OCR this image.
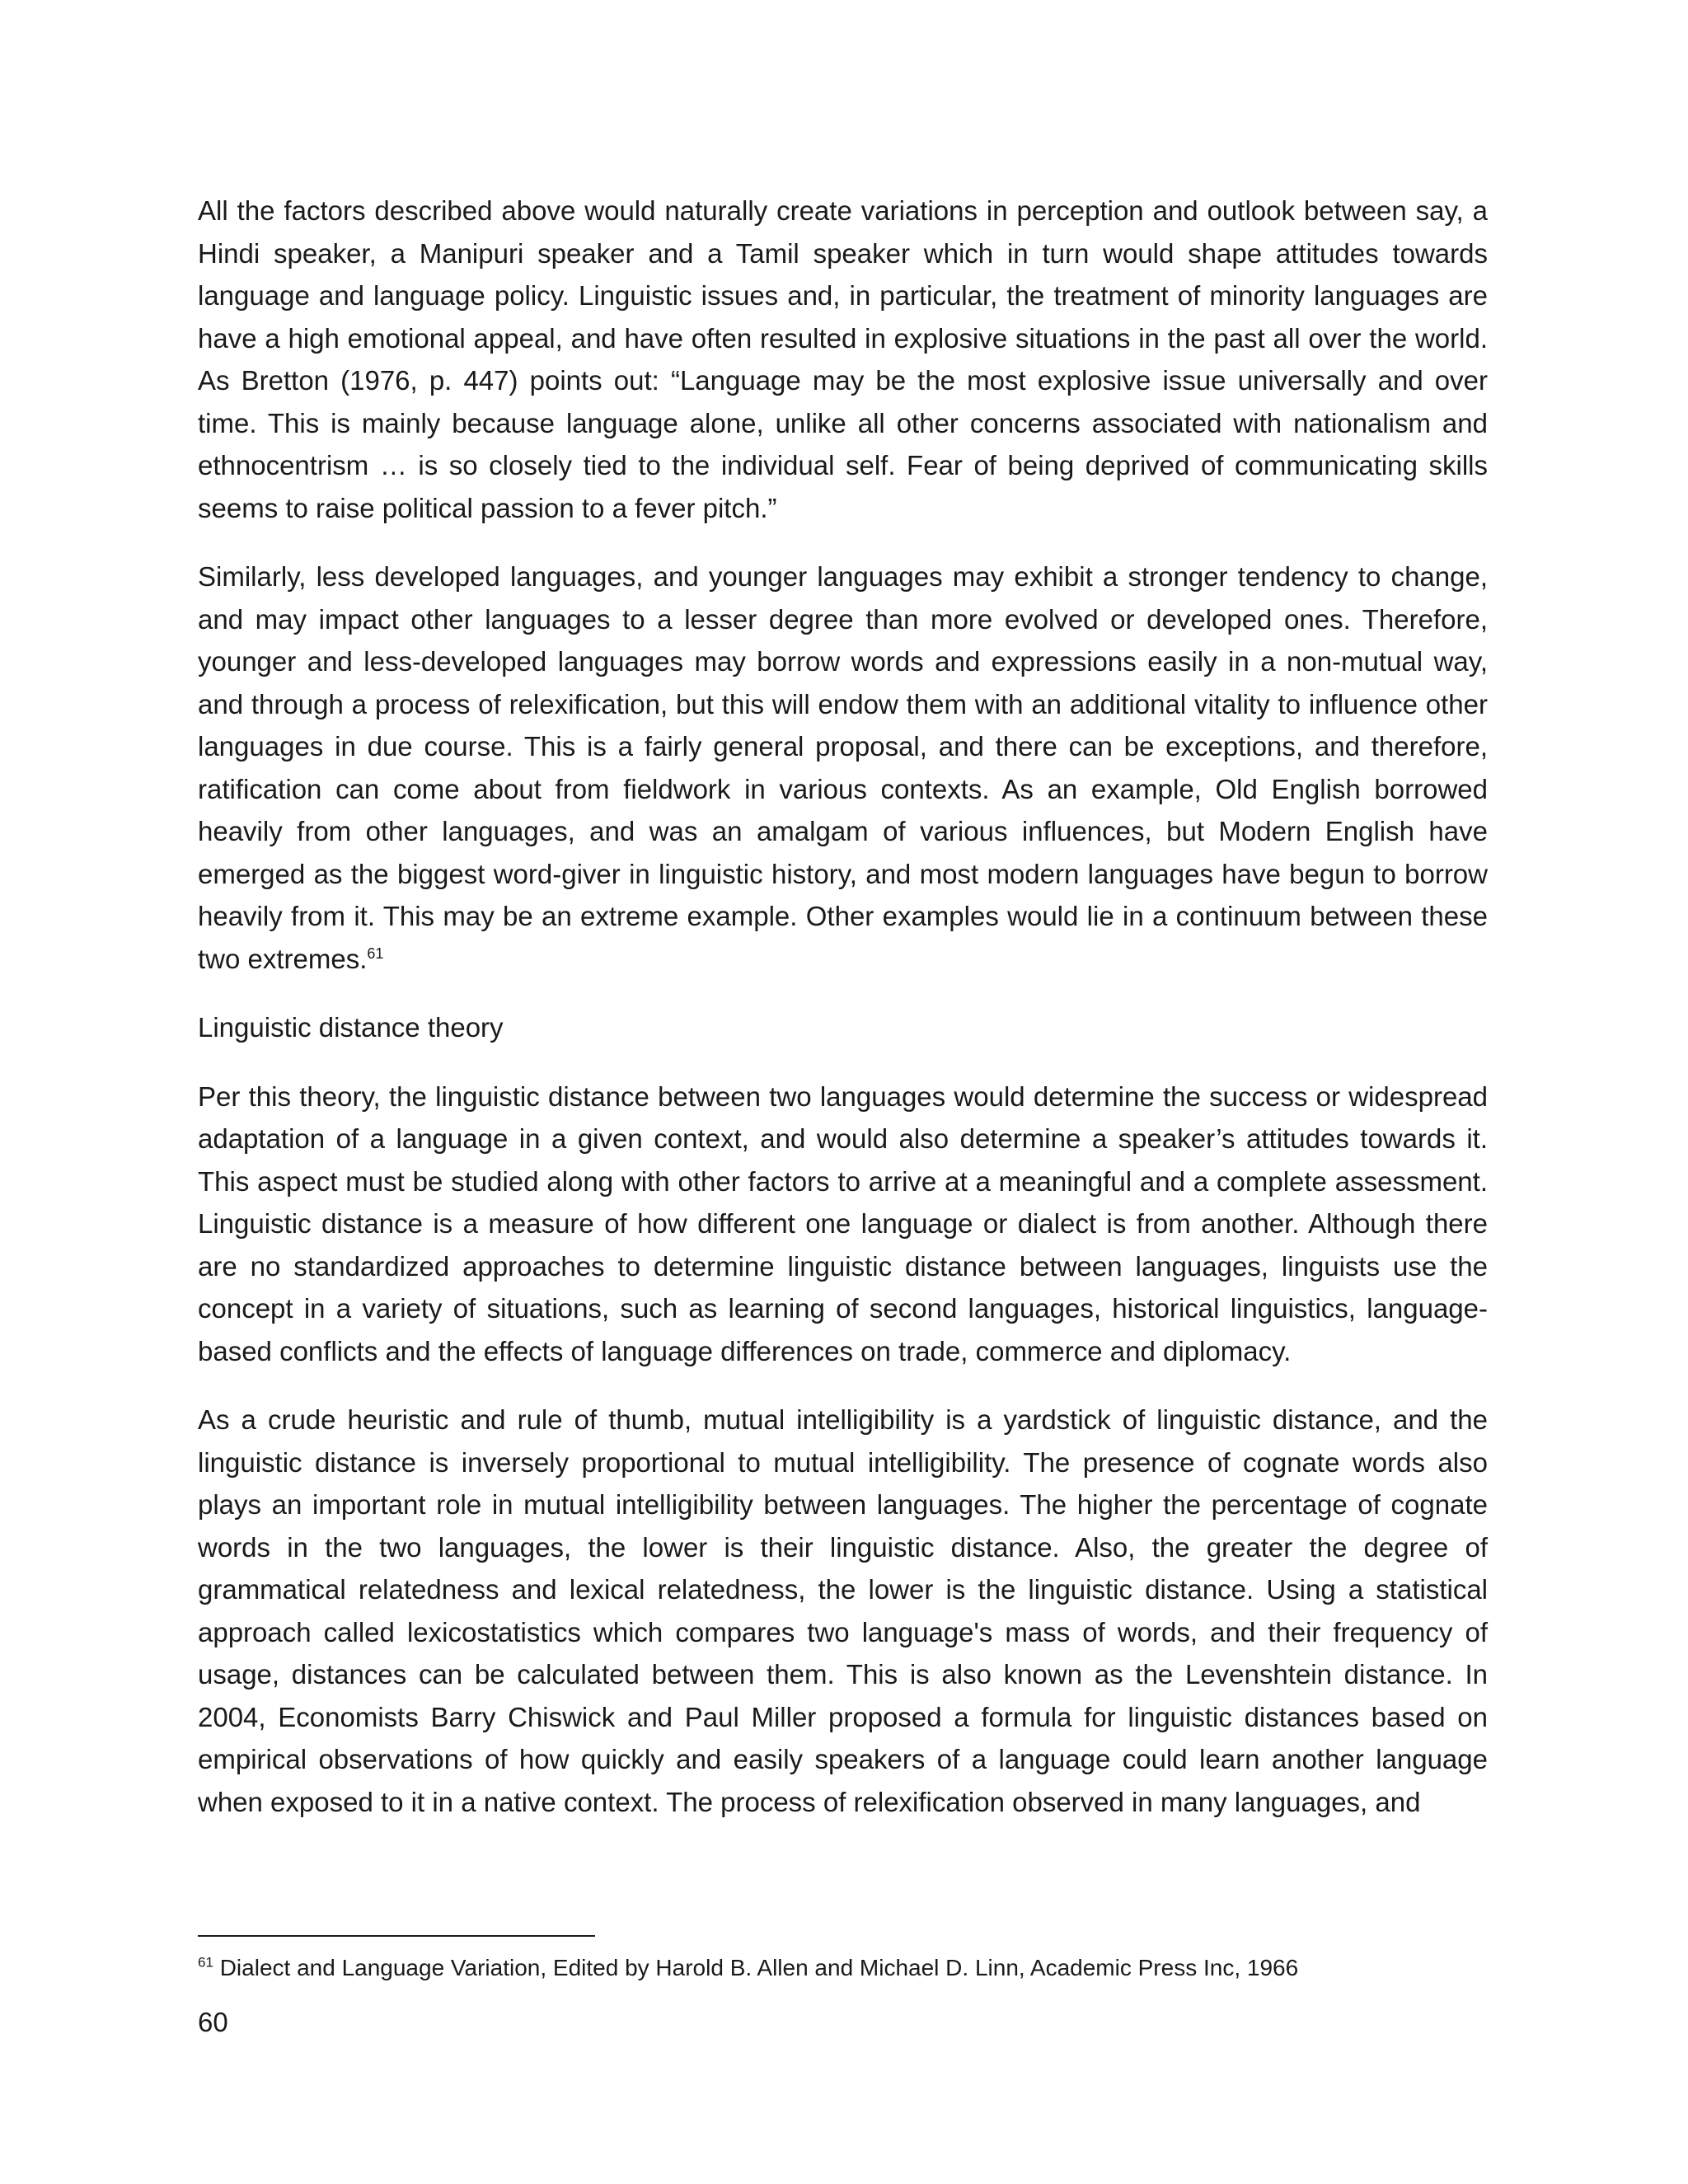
All the factors described above would naturally create variations in perception and outlook between say, a Hindi speaker, a Manipuri speaker and a Tamil speaker which in turn would shape attitudes towards language and language policy. Linguistic issues and, in particular, the treatment of minority languages are have a high emotional appeal, and have often resulted in explosive situations in the past all over the world. As Bretton (1976, p. 447) points out: “Language may be the most explosive issue universally and over time. This is mainly because language alone, unlike all other concerns associated with nationalism and ethnocentrism … is so closely tied to the individual self. Fear of being deprived of communicating skills seems to raise political passion to a fever pitch.”

Similarly, less developed languages, and younger languages may exhibit a stronger tendency to change, and may impact other languages to a lesser degree than more evolved or developed ones. Therefore, younger and less-developed languages may borrow words and expressions easily in a non-mutual way, and through a process of relexification, but this will endow them with an additional vitality to influence other languages in due course. This is a fairly general proposal, and there can be exceptions, and therefore, ratification can come about from fieldwork in various contexts. As an example, Old English borrowed heavily from other languages, and was an amalgam of various influences, but Modern English have emerged as the biggest word-giver in linguistic history, and most modern languages have begun to borrow heavily from it. This may be an extreme example. Other examples would lie in a continuum between these two extremes.$^{61}$

Linguistic distance theory

Per this theory, the linguistic distance between two languages would determine the success or widespread adaptation of a language in a given context, and would also determine a speaker’s attitudes towards it. This aspect must be studied along with other factors to arrive at a meaningful and a complete assessment. Linguistic distance is a measure of how different one language or dialect is from another. Although there are no standardized approaches to determine linguistic distance between languages, linguists use the concept in a variety of situations, such as learning of second languages, historical linguistics, language-based conflicts and the effects of language differences on trade, commerce and diplomacy.

As a crude heuristic and rule of thumb, mutual intelligibility is a yardstick of linguistic distance, and the linguistic distance is inversely proportional to mutual intelligibility. The presence of cognate words also plays an important role in mutual intelligibility between languages. The higher the percentage of cognate words in the two languages, the lower is their linguistic distance. Also, the greater the degree of grammatical relatedness and lexical relatedness, the lower is the linguistic distance. Using a statistical approach called lexicostatistics which compares two language's mass of words, and their frequency of usage, distances can be calculated between them. This is also known as the Levenshtein distance. In 2004, Economists Barry Chiswick and Paul Miller proposed a formula for linguistic distances based on empirical observations of how quickly and easily speakers of a language could learn another language when exposed to it in a native context. The process of relexification observed in many languages, and

$^{61}$ Dialect and Language Variation, Edited by Harold B. Allen and Michael D. Linn, Academic Press Inc, 1966
60
